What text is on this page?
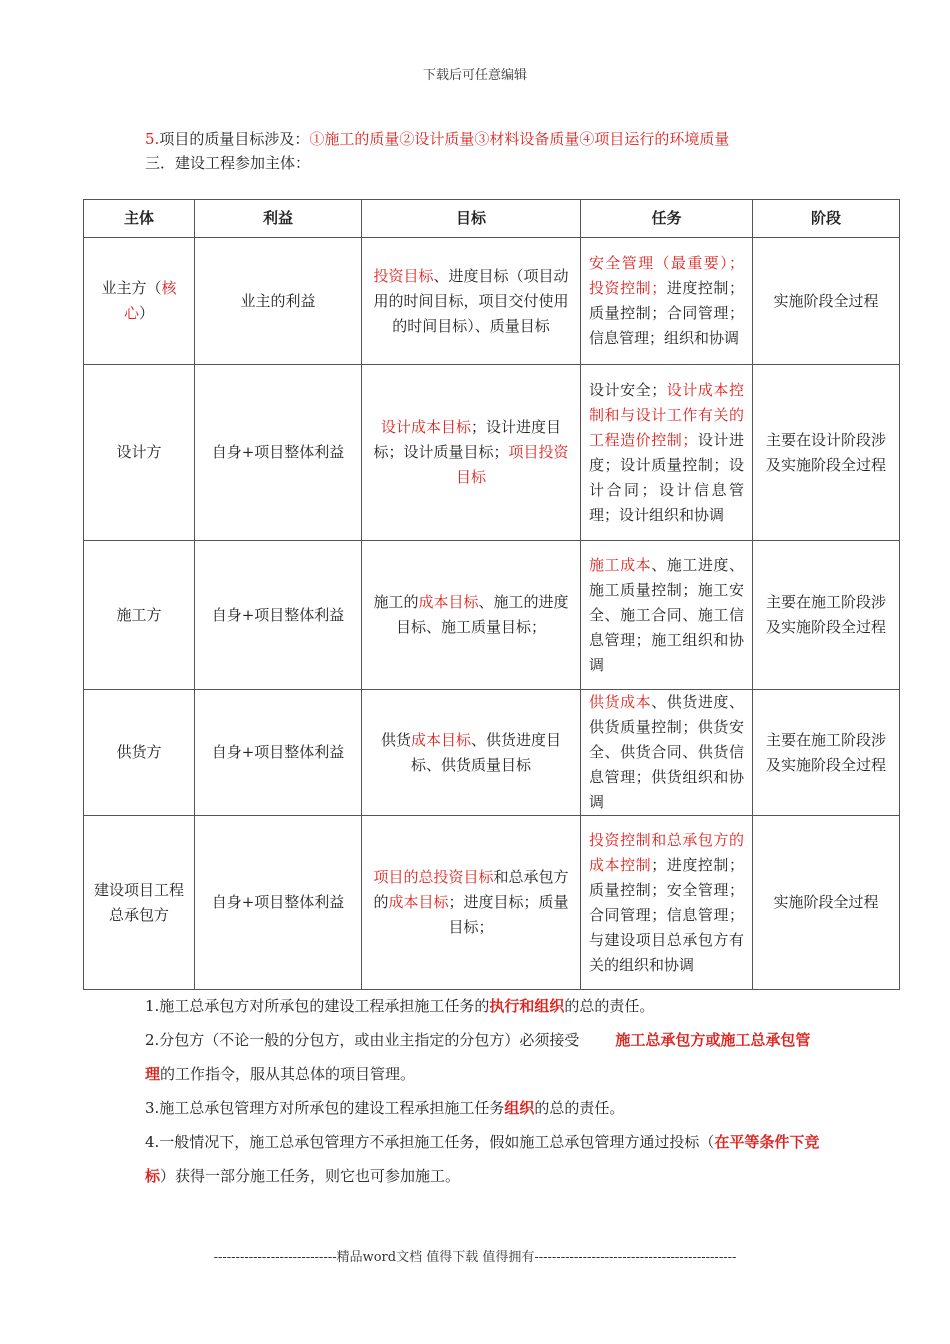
下载后可任意编辑
5.项目的质量目标涉及：①施工的质量②设计质量③材料设备质量④项目运行的环境质量
三．建设工程参加主体：
主体	利益	目标	任务	阶段
业主方（核心）	业主的利益	投资目标、进度目标（项目动用的时间目标，项目交付使用的时间目标）、质量目标	安全管理（最重要）；投资控制；进度控制；质量控制；合同管理；信息管理；组织和协调	实施阶段全过程
设计方	自身+项目整体利益	设计成本目标；设计进度目标；设计质量目标；项目投资目标	设计安全；设计成本控制和与设计工作有关的工程造价控制；设计进度；设计质量控制；设计合同；设计信息管理；设计组织和协调	主要在设计阶段涉及实施阶段全过程
施工方	自身+项目整体利益	施工的成本目标、施工的进度目标、施工质量目标；	施工成本、施工进度、施工质量控制；施工安全、施工合同、施工信息管理；施工组织和协调	主要在施工阶段涉及实施阶段全过程
供货方	自身+项目整体利益	供货成本目标、供货进度目标、供货质量目标	供货成本、供货进度、供货质量控制；供货安全、供货合同、供货信息管理；供货组织和协调	主要在施工阶段涉及实施阶段全过程
建设项目工程总承包方	自身+项目整体利益	项目的总投资目标和总承包方的成本目标；进度目标；质量目标；	投资控制和总承包方的成本控制；进度控制；质量控制；安全管理；合同管理；信息管理；与建设项目总承包方有关的组织和协调	实施阶段全过程

1.施工总承包方对所承包的建设工程承担施工任务的执行和组织的总的责任。

2.分包方（不论一般的分包方，或由业主指定的分包方）必须接受 施工总承包方或施工总承包管理的工作指令，服从其总体的项目管理。

3.施工总承包管理方对所承包的建设工程承担施工任务组织的总的责任。

4.一般情况下，施工总承包管理方不承担施工任务，假如施工总承包管理方通过投标（在平等条件下竞标）获得一部分施工任务，则它也可参加施工。

----------------------------精品word文档 值得下载 值得拥有----------------------------------------------
